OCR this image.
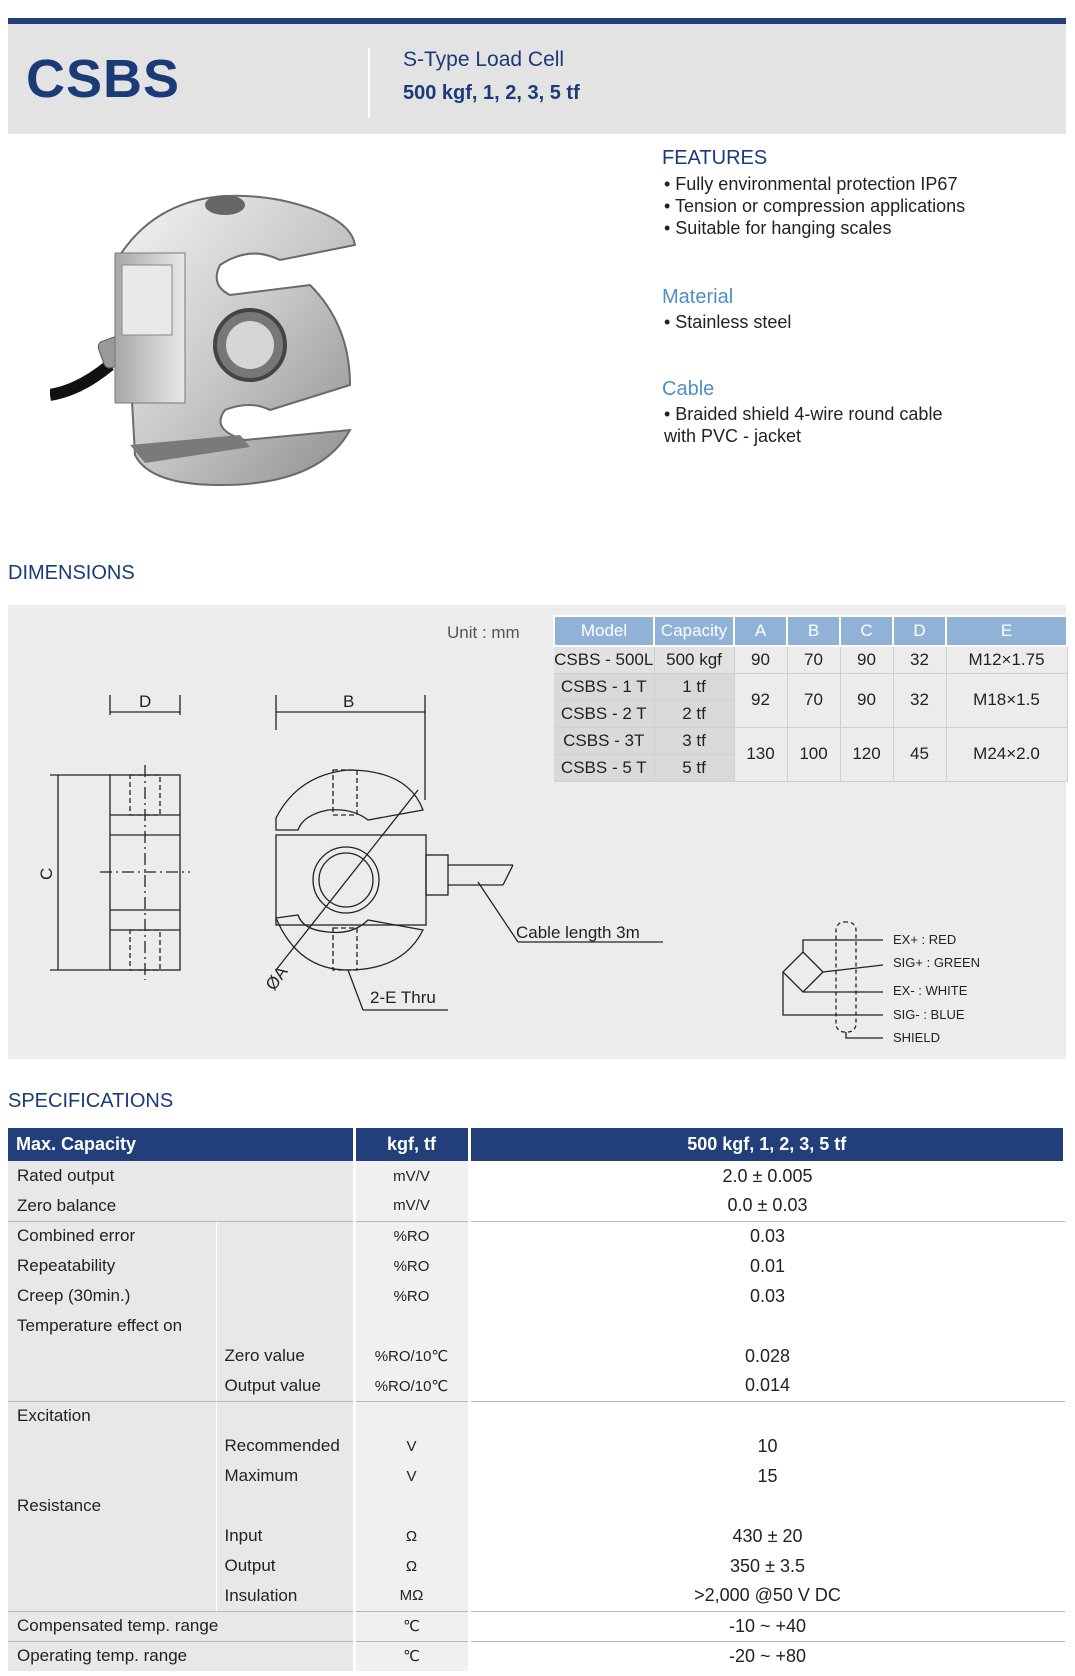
CSBS	S-Type Load Cell
500 kgf, 1, 2, 3, 5 tf
FEATURES
• Fully environmental protection IP67
• Tension or compression applications
• Suitable for hanging scales
Material
• Stainless steel
Cable
• Braided shield 4-wire round cable
with PVC - jacket
DIMENSIONS
Unit : mm	Model	Capacity	A	B	C	D	E
CSBS - 500L	500 kgf	90	70	90	32	M12×1.75
CSBS - 1 T	1 tf	92	70	90	32	M18×1.5
CSBS - 2 T	2 tf					
CSBS - 3T	3 tf	130	100	120	45	M24×2.0
CSBS - 5 T	5 tf					
D	B
C
ØA
2-E Thru
Cable length 3m	EX+ : RED
SIG+ : GREEN
EX- : WHITE
SIG- : BLUE
SHIELD
SPECIFICATIONS
Max. Capacity		kgf, tf	500 kgf, 1, 2, 3, 5 tf
Rated output		mV/V	2.0 ± 0.005
Zero balance		mV/V	0.0 ± 0.03
Combined error		%RO	0.03
Repeatability		%RO	0.01
Creep (30min.)		%RO	0.03
Temperature effect on			
	Zero value	%RO/10℃	0.028
	Output value	%RO/10℃	0.014
Excitation			
	Recommended	V	10
	Maximum	V	15
Resistance			
	Input	Ω	430 ± 20
	Output	Ω	350 ± 3.5
	Insulation	MΩ	>2,000 @50 V DC
Compensated temp. range		℃	-10 ~ +40
Operating temp. range		℃	-20 ~ +80
